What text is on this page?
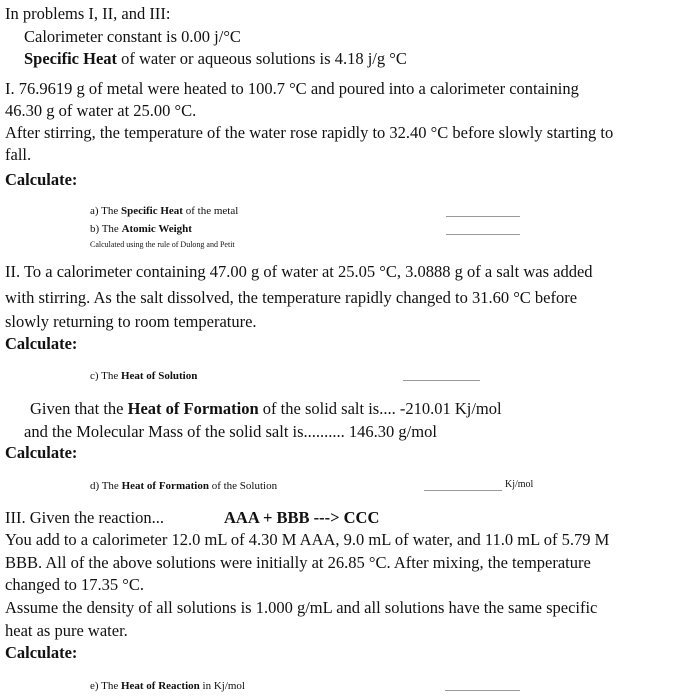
In problems I, II, and III:
Calorimeter constant is 0.00 j/°C
Specific Heat of water or aqueous solutions is 4.18 j/g °C
I. 76.9619 g of metal were heated to 100.7 °C and poured into a calorimeter containing
46.30 g of water at 25.00 °C.
After stirring, the temperature of the water rose rapidly to 32.40 °C before slowly starting to
fall.
Calculate:
a) The Specific Heat of the metal
b) The Atomic Weight
Calculated using the rule of Dulong and Petit
II. To a calorimeter containing 47.00 g of water at 25.05 °C, 3.0888 g of a salt was added
with stirring. As the salt dissolved, the temperature rapidly changed to 31.60 °C before
slowly returning to room temperature.
Calculate:
c) The Heat of Solution
Given that the Heat of Formation of the solid salt is.... -210.01 Kj/mol
and the Molecular Mass of the solid salt is.......... 146.30 g/mol
Calculate:
d) The Heat of Formation of the Solution	Kj/mol
III. Given the reaction...	AAA + BBB ---> CCC
You add to a calorimeter 12.0 mL of 4.30 M AAA, 9.0 mL of water, and 11.0 mL of 5.79 M
BBB. All of the above solutions were initially at 26.85 °C. After mixing, the temperature
changed to 17.35 °C.
Assume the density of all solutions is 1.000 g/mL and all solutions have the same specific
heat as pure water.
Calculate:
e) The Heat of Reaction in Kj/mol
